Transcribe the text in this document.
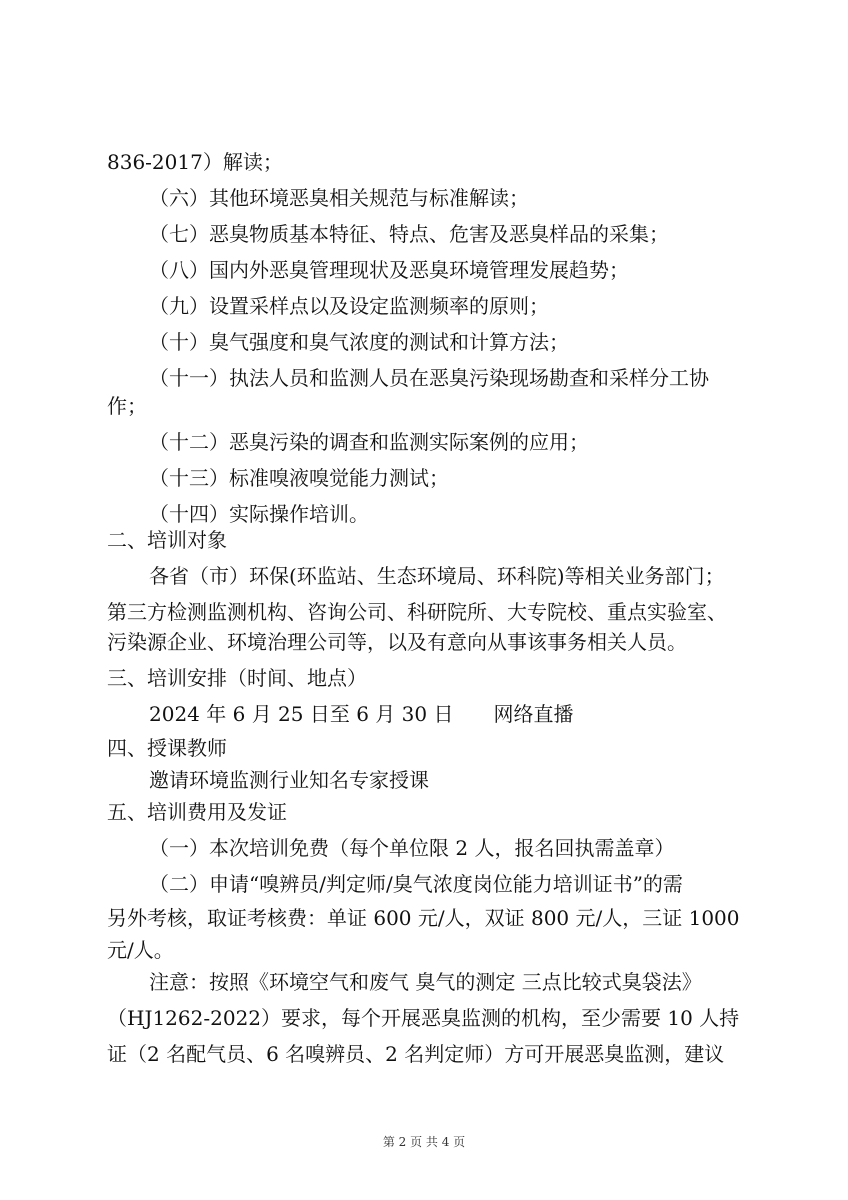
836-2017）解读；
（六）其他环境恶臭相关规范与标准解读；
（七）恶臭物质基本特征、特点、危害及恶臭样品的采集；
（八）国内外恶臭管理现状及恶臭环境管理发展趋势；
（九）设置采样点以及设定监测频率的原则；
（十）臭气强度和臭气浓度的测试和计算方法；
（十一）执法人员和监测人员在恶臭污染现场勘查和采样分工协
作；
（十二）恶臭污染的调查和监测实际案例的应用；
（十三）标准嗅液嗅觉能力测试；
（十四）实际操作培训。
二、培训对象
各省（市）环保(环监站、生态环境局、环科院)等相关业务部门；
第三方检测监测机构、咨询公司、科研院所、大专院校、重点实验室、
污染源企业、环境治理公司等，以及有意向从事该事务相关人员。
三、培训安排（时间、地点）
2024 年 6 月 25 日至 6 月 30 日　　网络直播
四、授课教师
邀请环境监测行业知名专家授课
五、培训费用及发证
（一）本次培训免费（每个单位限 2 人，报名回执需盖章）
（二）申请“嗅辨员/判定师/臭气浓度岗位能力培训证书”的需
另外考核，取证考核费：单证 600 元/人，双证 800 元/人，三证 1000
元/人。
注意：按照《环境空气和废气 臭气的测定 三点比较式臭袋法》
（HJ1262-2022）要求，每个开展恶臭监测的机构，至少需要 10 人持
证（2 名配气员、6 名嗅辨员、2 名判定师）方可开展恶臭监测，建议
第 2 页 共 4 页
